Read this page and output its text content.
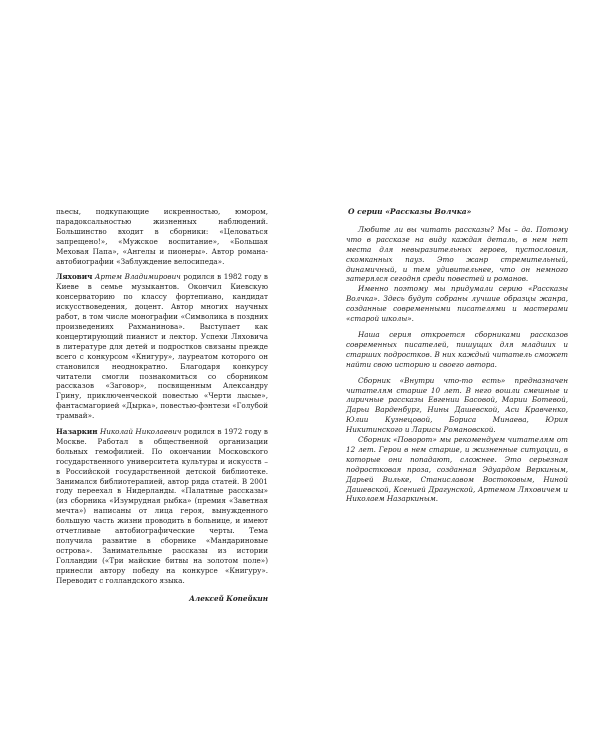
пьесы, подкупающие искренностью, юмором, парадоксальностью жизненных наблюдений. Большинство входит в сборники: «Целоваться запрещено!», «Мужское воспитание», «Большая Меховая Папа», «Ангелы и пионеры». Автор романа-автобиографии «Заблуждение велосипеда».

Ляхович Артем Владимирович родился в 1982 году в Киеве в семье музыкантов. Окончил Киевскую консерваторию по классу фортепиано, кандидат искусствоведения, доцент. Автор многих научных работ, в том числе монографии «Символика в поздних произведениях Рахманинова». Выступает как концертирующий пианист и лектор. Успехи Ляховича в литературе для детей и подростков связаны прежде всего с конкурсом «Книгуру», лауреатом которого он становился неоднократно. Благодаря конкурсу читатели смогли познакомиться со сборником рассказов «Заговор», посвященным Александру Грину, приключенческой повестью «Черти лысые», фантасмагорией «Дырка», повестью-фэнтези «Голубой трамвай».

Назаркин Николай Николаевич родился в 1972 году в Москве. Работал в общественной организации больных гемофилией. По окончании Московского государственного университета культуры и искусств – в Российской государственной детской библиотеке. Занимался библиотерапией, автор ряда статей. В 2001 году переехал в Нидерланды. «Палатные рассказы» (из сборника «Изумрудная рыбка» (премия «Заветная мечта») написаны от лица героя, вынужденного большую часть жизни проводить в больнице, и имеют отчетливые автобиографические черты. Тема получила развитие в сборнике «Мандариновые острова». Занимательные рассказы из истории Голландии («Три майские битвы на золотом поле») принесли автору победу на конкурсе «Книгуру». Переводит с голландского языка.

Алексей Копейкин
О серии «Рассказы Волчка»

Любите ли вы читать рассказы? Мы – да. Потому что в рассказе на виду каждая деталь, в нем нет места для невыразительных героев, пустословия, скомканных пауз. Это жанр стремительный, динамичный, и тем удивительнее, что он немного затерялся сегодня среди повестей и романов.

Именно поэтому мы придумали серию «Рассказы Волчка». Здесь будут собраны лучшие образцы жанра, созданные современными писателями и мастерами «старой школы».

Наша серия откроется сборниками рассказов современных писателей, пишущих для младших и старших подростков. В них каждый читатель сможет найти свою историю и своего автора.

Сборник «Внутри что-то есть» предназначен читателям старше 10 лет. В него вошли смешные и лиричные рассказы Евгении Басовой, Марии Ботевой, Дарьи Варденбург, Нины Дашевской, Аси Кравченко, Юлии Кузнецовой, Бориса Минаева, Юрия Никитинского и Ларисы Романовской.

Сборник «Поворот» мы рекомендуем читателям от 12 лет. Герои в нем старше, и жизненные ситуации, в которые они попадают, сложнее. Это серьезная подростковая проза, созданная Эдуардом Веркиным, Дарьей Вильке, Станиславом Востоковым, Ниной Дашевской, Ксенией Драгунской, Артемом Ляховичем и Николаем Назаркиным.
